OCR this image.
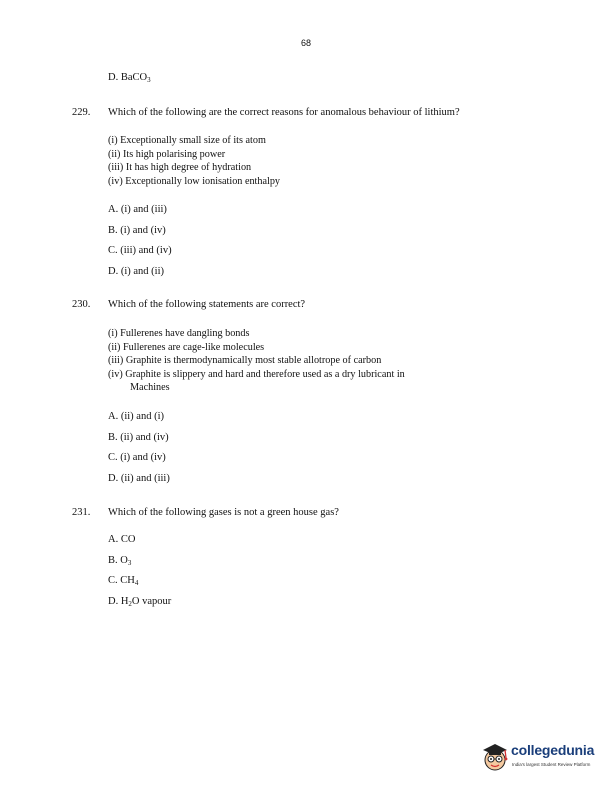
68
D. BaCO$_3$
229. Which of the following are the correct reasons for anomalous behaviour of lithium?
(i) Exceptionally small size of its atom
(ii) Its high polarising power
(iii) It has high degree of hydration
(iv) Exceptionally low ionisation enthalpy
A. (i) and (iii)
B. (i) and (iv)
C. (iii) and (iv)
D. (i) and (ii)
230. Which of the following statements are correct?
(i) Fullerenes have dangling bonds
(ii) Fullerenes are cage-like molecules
(iii) Graphite is thermodynamically most stable allotrope of carbon
(iv) Graphite is slippery and hard and therefore used as a dry lubricant in
Machines
A. (ii) and (i)
B. (ii) and (iv)
C. (i) and (iv)
D. (ii) and (iii)
231. Which of the following gases is not a green house gas?
A. CO
B. $O_3$
C. $CH_4$
D. $H_2O$ vapour
collegedunia
India's largest Student Review Platform
